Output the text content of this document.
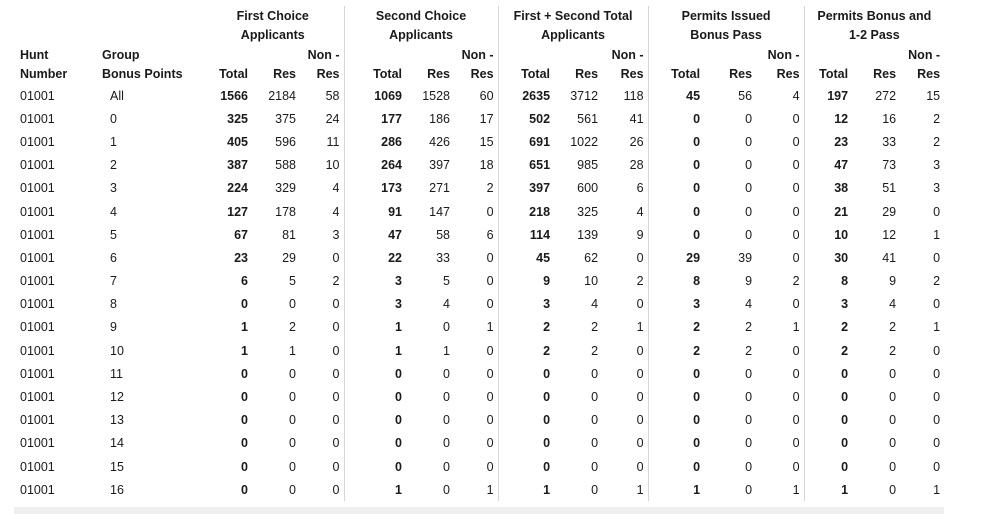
		First Choice			Second Choice			First + Second Total			Permits Issued			Permits Bonus and		
		Applicants			Applicants			Applicants			Bonus Pass			1-2 Pass		
Hunt	Group			Non -			Non -			Non -			Non -			Non -
Number	Bonus Points	Total	Res	Res	Total	Res	Res	Total	Res	Res	Total	Res	Res	Total	Res	Res
01001	All	1566	2184	58	1069	1528	60	2635	3712	118	45	56	4	197	272	15
01001	0	325	375	24	177	186	17	502	561	41	0	0	0	12	16	2
01001	1	405	596	11	286	426	15	691	1022	26	0	0	0	23	33	2
01001	2	387	588	10	264	397	18	651	985	28	0	0	0	47	73	3
01001	3	224	329	4	173	271	2	397	600	6	0	0	0	38	51	3
01001	4	127	178	4	91	147	0	218	325	4	0	0	0	21	29	0
01001	5	67	81	3	47	58	6	114	139	9	0	0	0	10	12	1
01001	6	23	29	0	22	33	0	45	62	0	29	39	0	30	41	0
01001	7	6	5	2	3	5	0	9	10	2	8	9	2	8	9	2
01001	8	0	0	0	3	4	0	3	4	0	3	4	0	3	4	0
01001	9	1	2	0	1	0	1	2	2	1	2	2	1	2	2	1
01001	10	1	1	0	1	1	0	2	2	0	2	2	0	2	2	0
01001	11	0	0	0	0	0	0	0	0	0	0	0	0	0	0	0
01001	12	0	0	0	0	0	0	0	0	0	0	0	0	0	0	0
01001	13	0	0	0	0	0	0	0	0	0	0	0	0	0	0	0
01001	14	0	0	0	0	0	0	0	0	0	0	0	0	0	0	0
01001	15	0	0	0	0	0	0	0	0	0	0	0	0	0	0	0
01001	16	0	0	0	1	0	1	1	0	1	1	0	1	1	0	1
